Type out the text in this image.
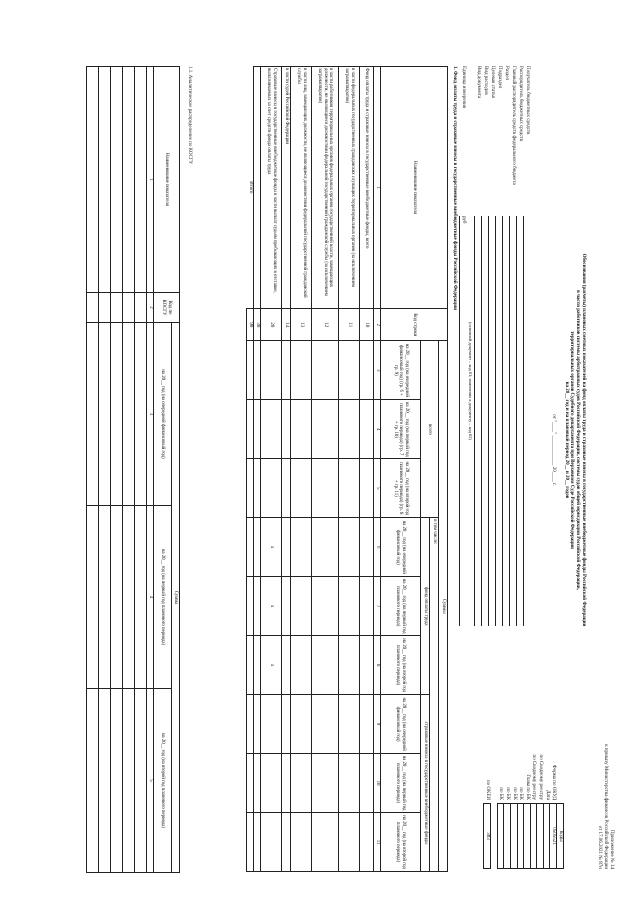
Приложение № 14
к приказу Министерства финансов Российской Федерации
от 17.06.2021 № 87н
Обоснования (расчеты) плановых сметных показателей на фонд оплаты труда и страховые взносы в государственные внебюджетные фонды Российской Федерации
в части работников системы арбитражных судов Российской Федерации, системы судов общей юрисдикции Российской Федерации,
территориальных органов Судебного департамента при Верховном Суде Российской Федерации
на 20__ год и на плановый период 20__ и 20__ годов
от "____" ____________ 20____ г.
	Коды
Форма по ОКУД	0505521
Дата	
по Сводному реестру	
по Сводному реестру	
Глава по БК	
по БК	
по БК	
по БК	
по БК	

по ОКЕИ	383
Получатель бюджетных средств
Распорядитель бюджетных средств
Главный распорядитель средств федерального бюджета
Раздел
Подраздел
Целевая статья
Вид расходов
Вид документа
(основной документ – код 01; изменения к документу – код 02)
Единица измерения
руб
1. Фонд оплаты труда и страховые взносы в государственные внебюджетные фонды Российской Федерации
Наименование показателя	Код строки	Суммы								
		всего			в том числе:					
					фонд оплаты труда			страховые взносы в государственные внебюджетные фонды		
		на 20__ год (на очередной финансовый год) (гр. 6 + гр. 9)	на 20__ год (на первый год планового периода) (гр. 7 + гр. 10)	на 20__ год (на второй год планового периода) (гр. 8 + гр. 11)	на 20__ год (на очередной финансовый год)	на 20__ год (на первый год планового периода)	на 20__ год (на второй год планового периода)	на 20__ год (на очередной финансовый год)	на 20__ год (на первый год планового периода)	на 20__ год (на второй год планового периода)
1	2	3	4	5	6	7	8	9	10	11
Фонд оплаты труда и страховые взносы в государственные внебюджетные фонды, всего	10									
в части федеральных государственных гражданских служащих территориальных органов (за исключением загранаппаратов)	11									
в части работников территориальных органов федеральных органов государственной власти, замещающих должности, не являющиеся должностями федеральной государственной гражданской службы (за исключением загранаппаратов)	12									
в части лиц, замещающих должности, не являющиеся должностями федеральной государственной гражданской службы	13									
в части судей Российской Федерации	14									
Страховые взносы в государственные внебюджетные фонды в части выплат судьям пребывающих в отставке, выплачиваемых за счет средств фонда оплаты труда	20				х	х	х			
	30									
Итого	90									
1.1. Аналитическое распределение по КОСГУ
Наименование показателя	Код по КОСГУ	Сумма		
		на 20__ год (на очередной финансовый год)	на 20__ год (на первый год планового периода)	на 20__ год (на второй год планового периода)
1	2	3	4	5
